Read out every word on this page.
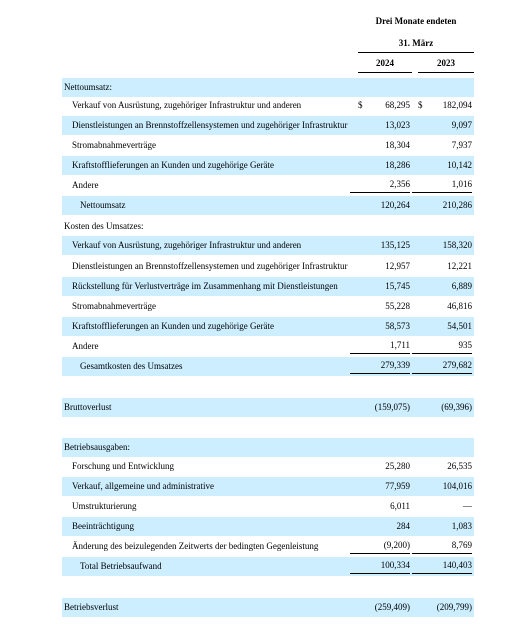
Drei Monate endeten
31. März
2024	2023
Nettoumsatz:
Verkauf von Ausrüstung, zugehöriger Infrastruktur und anderen	$	68,295 $	182,094
Dienstleistungen an Brennstoffzellensystemen und zugehöriger Infrastruktur	13,023	9,097
Stromabnahmeverträge	18,304	7,937
Kraftstofflieferungen an Kunden und zugehörige Geräte	18,286	10,142
Andere	2,356	1,016
Nettoumsatz	120,264	210,286
Kosten des Umsatzes:
Verkauf von Ausrüstung, zugehöriger Infrastruktur und anderen	135,125	158,320
Dienstleistungen an Brennstoffzellensystemen und zugehöriger Infrastruktur	12,957	12,221
Rückstellung für Verlustverträge im Zusammenhang mit Dienstleistungen	15,745	6,889
Stromabnahmeverträge	55,228	46,816
Kraftstofflieferungen an Kunden und zugehörige Geräte	58,573	54,501
Andere	1,711	935
Gesamtkosten des Umsatzes	279,339	279,682
Bruttoverlust	(159,075)	(69,396)
Betriebsausgaben:
Forschung und Entwicklung	25,280	26,535
Verkauf, allgemeine und administrative	77,959	104,016
Umstrukturierung	6,011	—
Beeinträchtigung	284	1,083
Änderung des beizulegenden Zeitwerts der bedingten Gegenleistung	(9,200)	8,769
Total Betriebsaufwand	100,334	140,403
Betriebsverlust	(259,409)	(209,799)
